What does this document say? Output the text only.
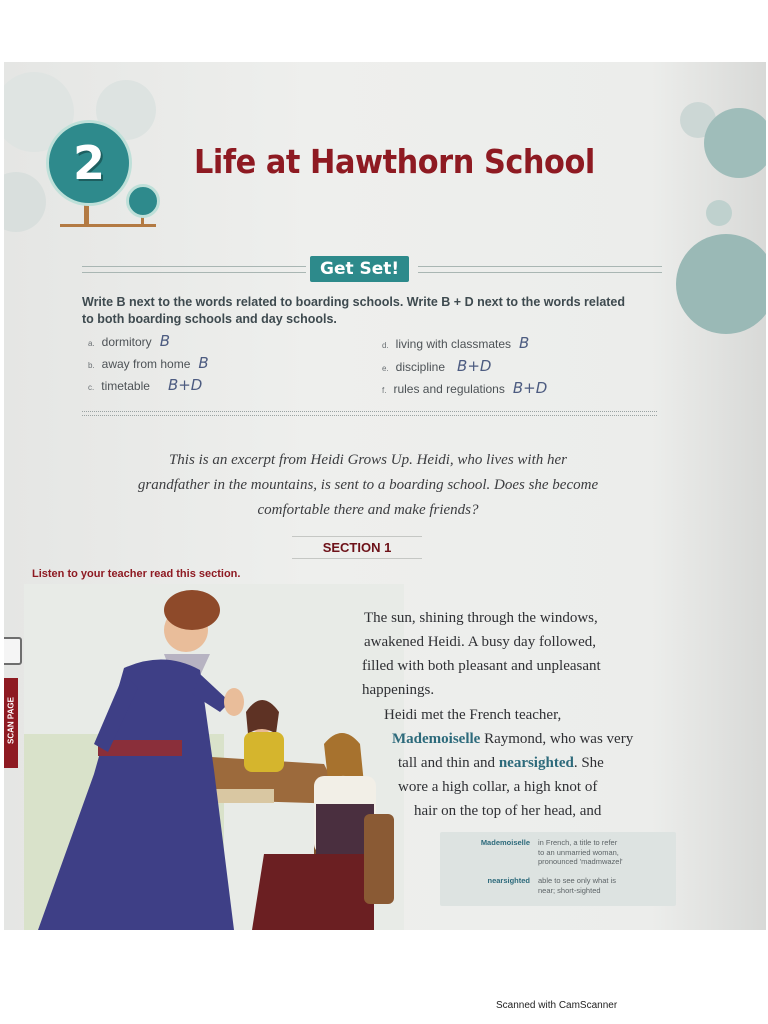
2	Life at Hawthorn School
Get Set!
Write B next to the words related to boarding schools. Write B + D next to the words related to both boarding schools and day schools.
a. dormitory B
b. away from home B
c. timetable B+D
d. living with classmates B
e. discipline B+D
f. rules and regulations B+D
This is an excerpt from Heidi Grows Up. Heidi, who lives with her
grandfather in the mountains, is sent to a boarding school. Does she become
comfortable there and make friends?
SECTION 1
Listen to your teacher read this section.
The sun, shining through the windows,
awakened Heidi. A busy day followed,
filled with both pleasant and unpleasant
happenings.
Heidi met the French teacher,
Mademoiselle Raymond, who was very
tall and thin and nearsighted. She
wore a high collar, a high knot of
hair on the top of her head, and
Mademoiselle in French, a title to refer
to an unmarried woman,
pronounced 'madmwazel'
nearsighted able to see only what is
near; short-sighted
SCAN PAGE
Scanned with CamScanner
